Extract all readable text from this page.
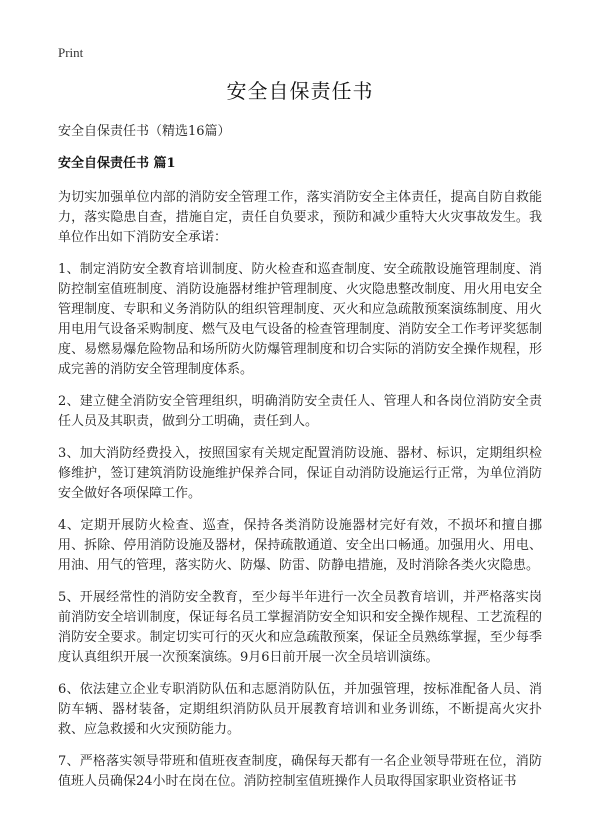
Print
安全自保责任书
安全自保责任书（精选16篇）
安全自保责任书 篇1

为切实加强单位内部的消防安全管理工作，落实消防安全主体责任，提高自防自救能力，落实隐患自查，措施自定，责任自负要求，预防和减少重特大火灾事故发生。我单位作出如下消防安全承诺：

1、制定消防安全教育培训制度、防火检查和巡查制度、安全疏散设施管理制度、消防控制室值班制度、消防设施器材维护管理制度、火灾隐患整改制度、用火用电安全管理制度、专职和义务消防队的组织管理制度、灭火和应急疏散预案演练制度、用火用电用气设备采购制度、燃气及电气设备的检查管理制度、消防安全工作考评奖惩制度、易燃易爆危险物品和场所防火防爆管理制度和切合实际的消防安全操作规程，形成完善的消防安全管理制度体系。

2、建立健全消防安全管理组织，明确消防安全责任人、管理人和各岗位消防安全责任人员及其职责，做到分工明确，责任到人。

3、加大消防经费投入，按照国家有关规定配置消防设施、器材、标识，定期组织检修维护，签订建筑消防设施维护保养合同，保证自动消防设施运行正常，为单位消防安全做好各项保障工作。

4、定期开展防火检查、巡查，保持各类消防设施器材完好有效，不损坏和擅自挪用、拆除、停用消防设施及器材，保持疏散通道、安全出口畅通。加强用火、用电、用油、用气的管理，落实防火、防爆、防雷、防静电措施，及时消除各类火灾隐患。

5、开展经常性的消防安全教育，至少每半年进行一次全员教育培训，并严格落实岗前消防安全培训制度，保证每名员工掌握消防安全知识和安全操作规程、工艺流程的消防安全要求。制定切实可行的灭火和应急疏散预案，保证全员熟练掌握，至少每季度认真组织开展一次预案演练。9月6日前开展一次全员培训演练。

6、依法建立企业专职消防队伍和志愿消防队伍，并加强管理，按标准配备人员、消防车辆、器材装备，定期组织消防队员开展教育培训和业务训练，不断提高火灾扑救、应急救援和火灾预防能力。

7、严格落实领导带班和值班夜查制度，确保每天都有一名企业领导带班在位，消防值班人员确保24小时在岗在位。消防控制室值班操作人员取得国家职业资格证书
